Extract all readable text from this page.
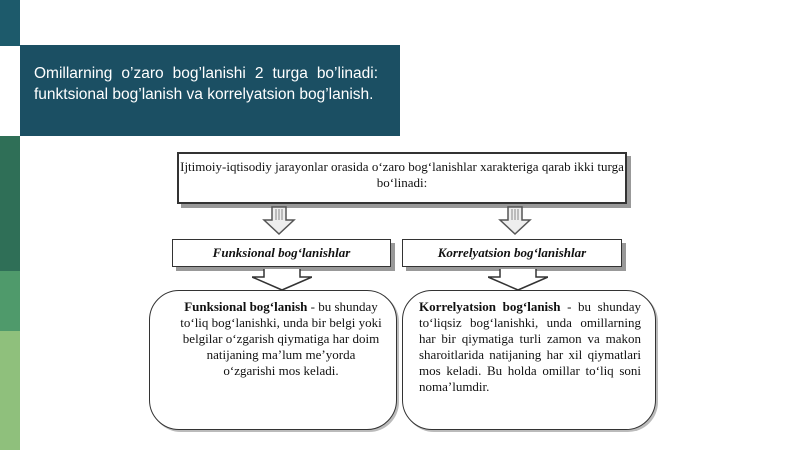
Omillarning o’zaro bog’lanishi 2 turga bo’linadi: funktsional bog’lanish va korrelyatsion bog’lanish.

Ijtimoiy-iqtisodiy jarayonlar orasida o‘zaro bog‘lanishlar xarakteriga qarab ikki turga bo‘linadi:
Funksional bog‘lanishlar	Korrelyatsion bog‘lanishlar
Funksional bog‘lanish - bu shunday to‘liq bog‘lanishki, unda bir belgi yoki belgilar o‘zgarish qiymatiga har doim natijaning ma’lum me’yorda o‘zgarishi mos keladi.
Korrelyatsion bog‘lanish - bu shunday to‘liqsiz bog‘lanishki, unda omillarning har bir qiymatiga turli zamon va makon sharoitlarida natijaning har xil qiymatlari mos keladi. Bu holda omillar to‘liq soni noma’lumdir.
